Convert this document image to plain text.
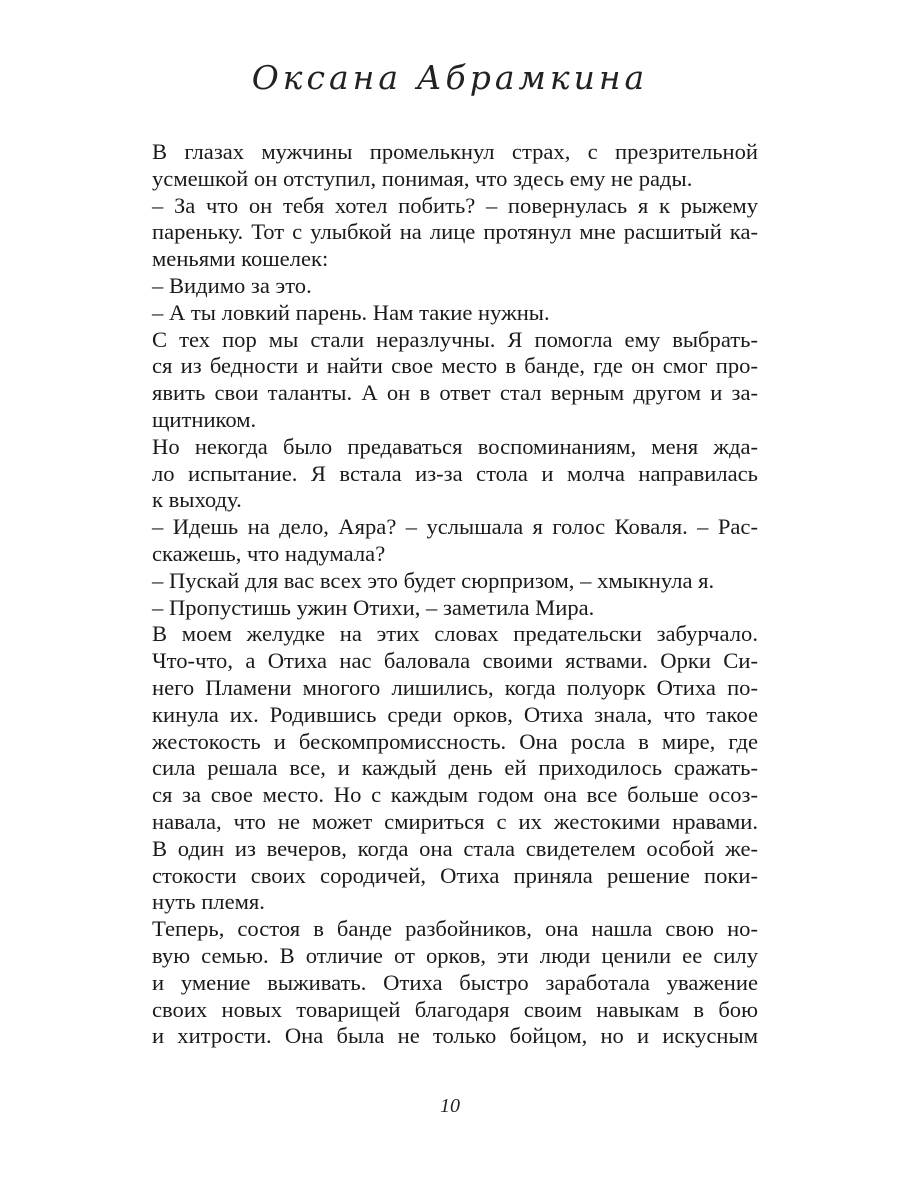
Оксана Абрамкина
В глазах мужчины промелькнул страх, с презрительной
усмешкой он отступил, понимая, что здесь ему не рады.
– За что он тебя хотел побить? – повернулась я к рыжему
пареньку. Тот с улыбкой на лице протянул мне расшитый ка-
меньями кошелек:
– Видимо за это.
– А ты ловкий парень. Нам такие нужны.
С тех пор мы стали неразлучны. Я помогла ему выбрать-
ся из бедности и найти свое место в банде, где он смог про-
явить свои таланты. А он в ответ стал верным другом и за-
щитником.
Но некогда было предаваться воспоминаниям, меня ждa-
ло испытание. Я встала из-за стола и молча направилась
к выходу.
– Идешь на дело, Аяра? – услышала я голос Коваля. – Рас-
скажешь, что надумала?
– Пускай для вас всех это будет сюрпризом, – хмыкнула я.
– Пропустишь ужин Отихи, – заметила Мира.
В моем желудке на этих словах предательски забурчало.
Что-что, а Отиха нас баловала своими яствами. Орки Си-
него Пламени многого лишились, когда полуорк Отиха по-
кинула их. Родившись среди орков, Отиха знала, что такое
жестокость и бескомпромиссность. Она росла в мире, где
сила решала все, и каждый день ей приходилось сражать-
ся за свое место. Но с каждым годом она все больше осоз-
навала, что не может смириться с их жестокими нравами.
В один из вечеров, когда она стала свидетелем особой же-
стокости своих сородичей, Отиха приняла решение поки-
нуть племя.
Теперь, состоя в банде разбойников, она нашла свою но-
вую семью. В отличие от орков, эти люди ценили ее силу
и умение выживать. Отиха быстро заработала уважение
своих новых товарищей благодаря своим навыкам в бою
и хитрости. Она была не только бойцом, но и искусным
10
